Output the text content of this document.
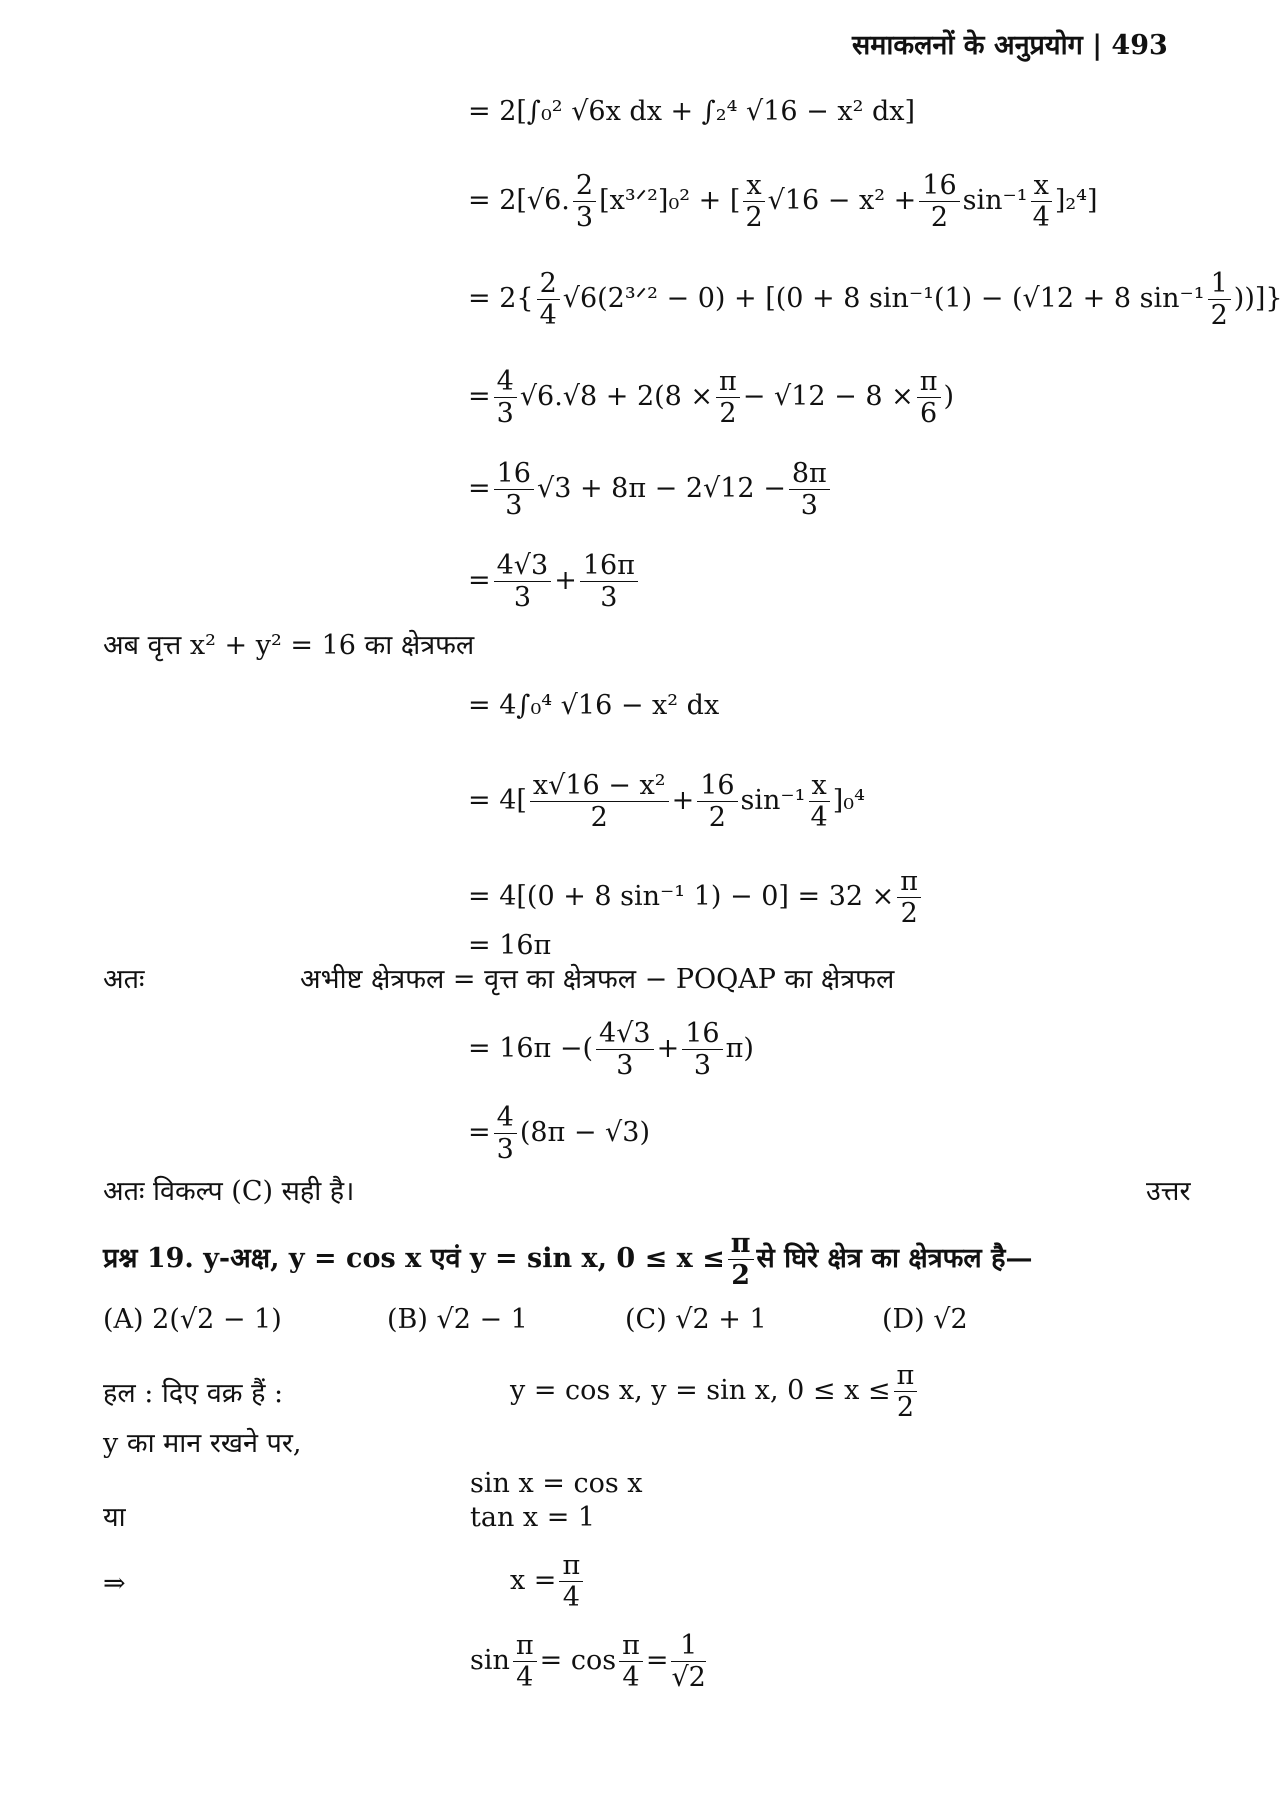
समाकलनों के अनुप्रयोग | 493
= 2[∫₀² √6x dx + ∫₂⁴ √16 − x² dx]
= 2[√6. $\frac{2}{3}$ [x³ᐟ²]₀² + [ $\frac{x}{2} √16 - x^2 + \frac{16}{2} \sin^{-1} \frac{x}{4} ]_2^4$]
= $2\{ \frac{2}{4}$ √6(2³ᐟ² − 0) + [(0 + 8 sin⁻¹(1) − (√12 + 8 $\sin^{-1} \frac{1}{2}$ ))]}
= $\frac{4}{3} √6.√8 + 2(8 \times \frac{\pi}{2} - √12 - 8 \times \frac{\pi}{6}$ )
= $\frac{16}{3} √3 + 8\pi - 2√12 - \frac{8\pi}{3}$
= $\frac{4√3}{3} + \frac{16\pi}{3}$
अब वृत्त x² + y² = 16 का क्षेत्रफल
= 4∫₀⁴ √16 − x² dx
= $4[ \frac{\text{x√16 − x²}}{2} + \frac{16}{2} \sin^{-1} \frac{x}{4} ]_0^4$
= 4[(0 + 8 sin⁻¹ $1) - 0] = 32 \times \frac{\pi}{2}$
= 16π
अतः	अभीष्ट क्षेत्रफल = वृत्त का क्षेत्रफल − POQAP का क्षेत्रफल
= 16π −( $\frac{4√3}{3} + \frac{16}{3} \pi$)
= $\frac{4}{3} (8\pi - √3)$
अतः विकल्प (C) सही है।	उत्तर
प्रश्न 19. y-अक्ष, y = cos x एवं y = sin x, $0 \le x \le \frac{\pi}{2}$ से घिरे क्षेत्र का क्षेत्रफल है—
(A) 2(√2 − 1)	(B) √2 − 1	(C) √2 + 1	(D) √2
हल : दिए वक्र हैं :	y = cos x, y = sin x, $0 \le x \le \frac{\pi}{2}$
y का मान रखने पर,
sin x = cos x
या	tan x = 1
⇒	$x = \frac{\pi}{4}$
$\sin \frac{\pi}{4} = \cos \frac{\pi}{4} = \frac{1}{√2}$
